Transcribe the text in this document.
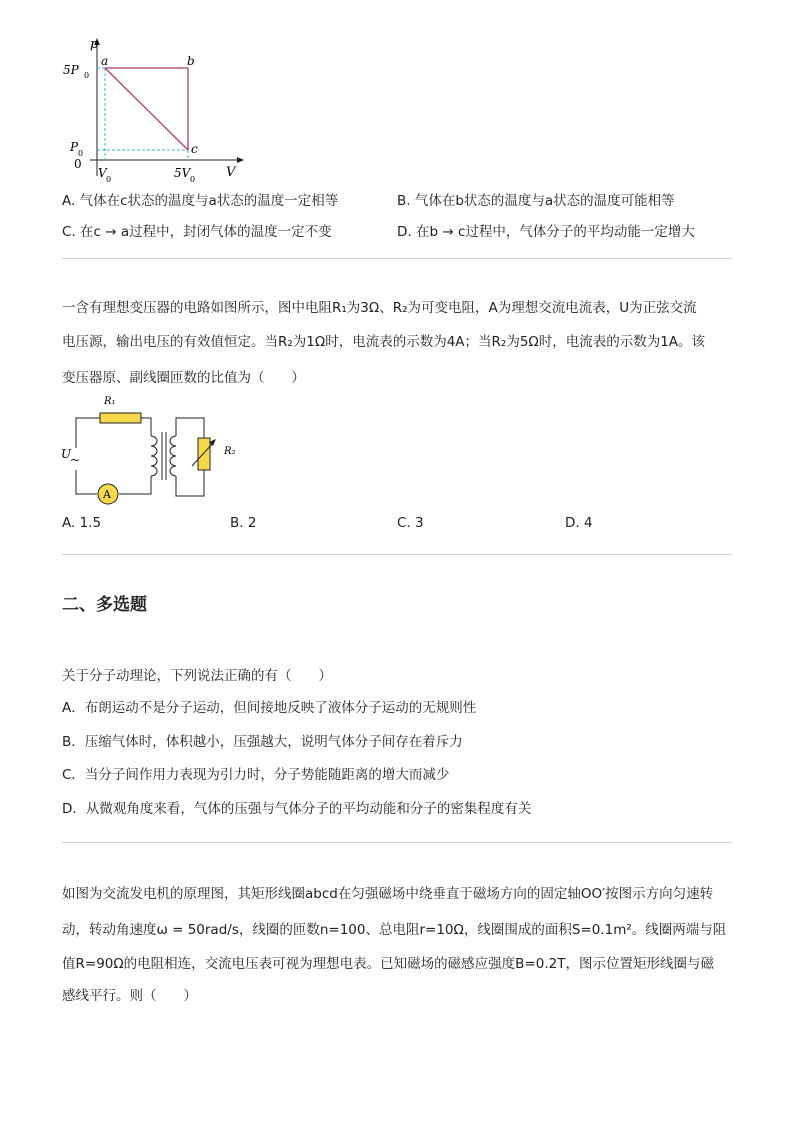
p
V
0
5P 0
P 0
V 0	5V 0
a	b
c
A. 气体在c状态的温度与a状态的温度一定相等	B. 气体在b状态的温度与a状态的温度可能相等
C. 在c → a过程中，封闭气体的温度一定不变	D. 在b → c过程中，气体分子的平均动能一定增大
一含有理想变压器的电路如图所示，图中电阻R₁为3Ω、R₂为可变电阻，A为理想交流电流表，U为正弦交流
电压源，输出电压的有效值恒定。当R₂为1Ω时，电流表的示数为4A；当R₂为5Ω时，电流表的示数为1A。该
变压器原、副线圈匝数的比值为（　　）
U
~
A
R₁
R₂
A. 1.5	B. 2	C. 3	D. 4
二、多选题
关于分子动理论，下列说法正确的有（　　）
A．布朗运动不是分子运动，但间接地反映了液体分子运动的无规则性
B．压缩气体时，体积越小，压强越大，说明气体分子间存在着斥力
C．当分子间作用力表现为引力时，分子势能随距离的增大而减少
D．从微观角度来看，气体的压强与气体分子的平均动能和分子的密集程度有关
如图为交流发电机的原理图，其矩形线圈abcd在匀强磁场中绕垂直于磁场方向的固定轴OO′按图示方向匀速转
动，转动角速度ω = 50rad/s，线圈的匝数n=100、总电阻r=10Ω，线圈围成的面积S=0.1m²。线圈两端与阻
值R=90Ω的电阻相连，交流电压表可视为理想电表。已知磁场的磁感应强度B=0.2T，图示位置矩形线圈与磁
感线平行。则（　　）
